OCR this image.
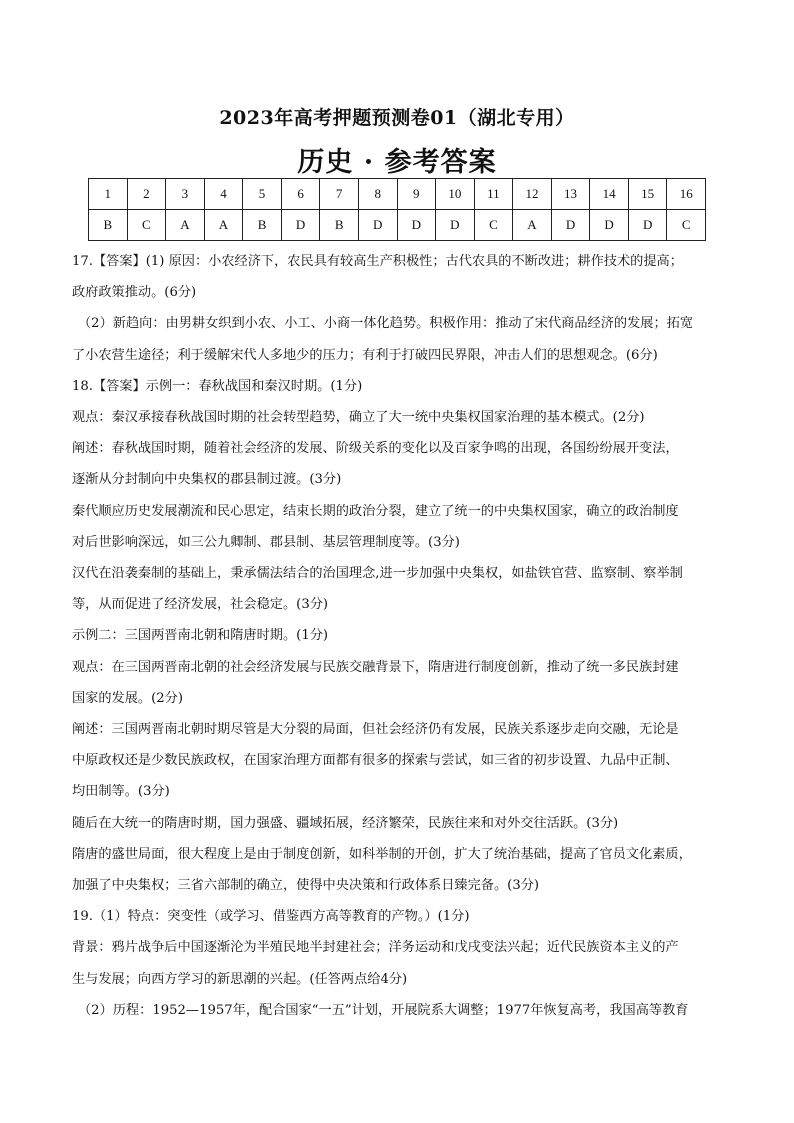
2023年高考押题预测卷01（湖北专用）
历史 · 参考答案
1	2	3	4	5	6	7	8	9	10	11	12	13	14	15	16
B	C	A	A	B	D	B	D	D	D	C	A	D	D	D	C

17.【答案】(1) 原因：小农经济下，农民具有较高生产积极性；古代农具的不断改进；耕作技术的提高；

政府政策推动。(6分)

（2）新趋向：由男耕女织到小农、小工、小商一体化趋势。积极作用：推动了宋代商品经济的发展；拓宽

了小农营生途径；利于缓解宋代人多地少的压力；有利于打破四民界限，冲击人们的思想观念。(6分)

18.【答案】示例一：春秋战国和秦汉时期。(1分)

观点：秦汉承接春秋战国时期的社会转型趋势，确立了大一统中央集权国家治理的基本模式。(2分)

阐述：春秋战国时期，随着社会经济的发展、阶级关系的变化以及百家争鸣的出现，各国纷纷展开变法，

逐渐从分封制向中央集权的郡县制过渡。(3分)

秦代顺应历史发展潮流和民心思定，结束长期的政治分裂，建立了统一的中央集权国家，确立的政治制度

对后世影响深远，如三公九卿制、郡县制、基层管理制度等。(3分)

汉代在沿袭秦制的基础上，秉承儒法结合的治国理念,进一步加强中央集权，如盐铁官营、监察制、察举制

等，从而促进了经济发展，社会稳定。(3分)

示例二：三国两晋南北朝和隋唐时期。(1分)

观点：在三国两晋南北朝的社会经济发展与民族交融背景下，隋唐进行制度创新，推动了统一多民族封建

国家的发展。(2分)

阐述：三国两晋南北朝时期尽管是大分裂的局面，但社会经济仍有发展，民族关系逐步走向交融，无论是

中原政权还是少数民族政权，在国家治理方面都有很多的探索与尝试，如三省的初步设置、九品中正制、

均田制等。(3分)

随后在大统一的隋唐时期，国力强盛、疆域拓展，经济繁荣，民族往来和对外交往活跃。(3分)

隋唐的盛世局面，很大程度上是由于制度创新，如科举制的开创，扩大了统治基础，提高了官员文化素质，

加强了中央集权；三省六部制的确立，使得中央决策和行政体系日臻完备。(3分)

19.（1）特点：突变性（或学习、借鉴西方高等教育的产物。）(1分)

背景：鸦片战争后中国逐渐沦为半殖民地半封建社会；洋务运动和戊戌变法兴起；近代民族资本主义的产

生与发展；向西方学习的新思潮的兴起。(任答两点给4分)

（2）历程：1952—1957年，配合国家“一五”计划，开展院系大调整；1977年恢复高考，我国高等教育
